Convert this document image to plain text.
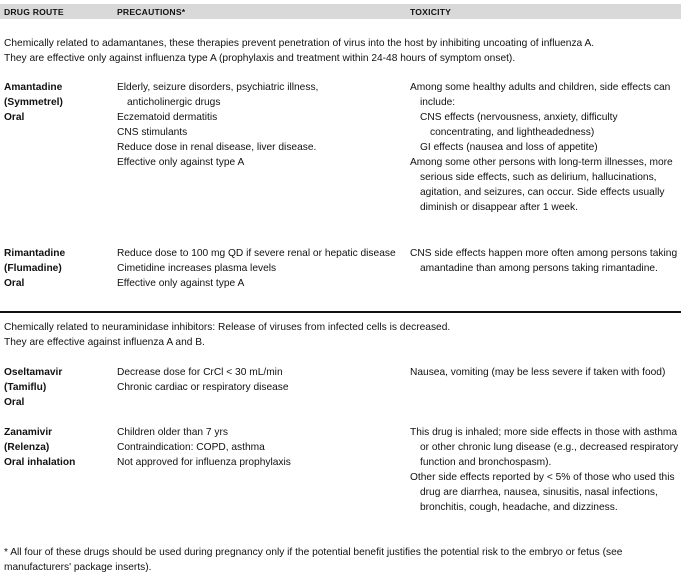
DRUG ROUTE	PRECAUTIONS*	TOXICITY
Chemically related to adamantanes, these therapies prevent penetration of virus into the host by inhibiting uncoating of influenza A.
They are effective only against influenza type A (prophylaxis and treatment within 24-48 hours of symptom onset).
Amantadine
(Symmetrel)
Oral
Elderly, seizure disorders, psychiatric illness, anticholinergic drugs
Eczematoid dermatitis
CNS stimulants
Reduce dose in renal disease, liver disease.
Effective only against type A
Among some healthy adults and children, side effects can include:
CNS effects (nervousness, anxiety, difficulty concentrating, and lightheadedness)
GI effects (nausea and loss of appetite)
Among some other persons with long-term illnesses, more serious side effects, such as delirium, hallucinations, agitation, and seizures, can occur. Side effects usually diminish or disappear after 1 week.
Rimantadine
(Flumadine)
Oral
Reduce dose to 100 mg QD if severe renal or hepatic disease
Cimetidine increases plasma levels
Effective only against type A
CNS side effects happen more often among persons taking amantadine than among persons taking rimantadine.
Chemically related to neuraminidase inhibitors: Release of viruses from infected cells is decreased.
They are effective against influenza A and B.
Oseltamavir
(Tamiflu)
Oral
Decrease dose for CrCl < 30 mL/min
Chronic cardiac or respiratory disease
Nausea, vomiting (may be less severe if taken with food)
Zanamivir
(Relenza)
Oral inhalation
Children older than 7 yrs
Contraindication: COPD, asthma
Not approved for influenza prophylaxis
This drug is inhaled; more side effects in those with asthma or other chronic lung disease (e.g., decreased respiratory function and bronchospasm).
Other side effects reported by < 5% of those who used this drug are diarrhea, nausea, sinusitis, nasal infections, bronchitis, cough, headache, and dizziness.
* All four of these drugs should be used during pregnancy only if the potential benefit justifies the potential risk to the embryo or fetus (see manufacturers' package inserts).
